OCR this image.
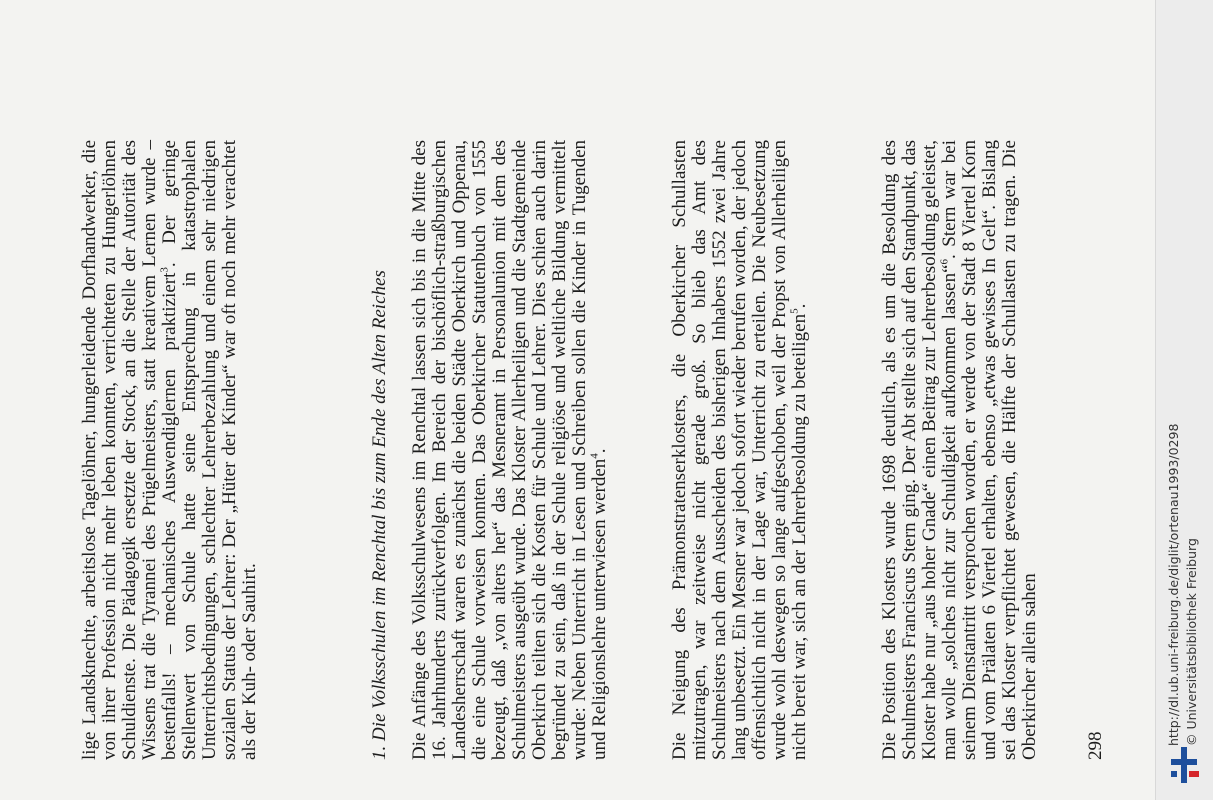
lige Landsknechte, arbeitslose Tagelöhner, hungerleidende Dorfhandwerker, die von ihrer Profession nicht mehr leben konnten, verrichteten zu Hungerlöhnen Schuldienste. Die Pädagogik ersetzte der Stock, an die Stelle der Autorität des Wissens trat die Tyrannei des Prügelmeisters, statt kreativem Lernen wurde – bestenfalls! – mechanisches Auswendiglernen praktiziert$^3$. Der geringe Stellenwert von Schule hatte seine Entsprechung in katastrophalen Unterrichtsbedingungen, schlechter Lehrerbezahlung und einem sehr niedrigen sozialen Status der Lehrer: Der „Hüter der Kinder“ war oft noch mehr verachtet als der Kuh- oder Sauhirt.	1. Die Volksschulen im Renchtal bis zum Ende des Alten Reiches Die Anfänge des Volksschulwesens im Renchtal lassen sich bis in die Mitte des 16. Jahrhunderts zurückverfolgen. Im Bereich der bischöflich-straßburgischen Landesherrschaft waren es zunächst die beiden Städte Oberkirch und Oppenau, die eine Schule vorweisen konnten. Das Oberkircher Statutenbuch von 1555 bezeugt, daß „von alters her“ das Mesneramt in Personalunion mit dem des Schulmeisters ausgeübt wurde. Das Kloster Allerheiligen und die Stadtgemeinde Oberkirch teilten sich die Kosten für Schule und Lehrer. Dies schien auch darin begründet zu sein, daß in der Schule religiöse und weltliche Bildung vermittelt wurde: Neben Unterricht in Lesen und Schreiben sollen die Kinder in Tugenden und Religionslehre unterwiesen werden$^4$.	Die Neigung des Prämonstratenserklosters, die Oberkircher Schullasten mitzutragen, war zeitweise nicht gerade groß. So blieb das Amt des Schulmeisters nach dem Ausscheiden des bisherigen Inhabers 1552 zwei Jahre lang unbesetzt. Ein Mesner war jedoch sofort wieder berufen worden, der jedoch offensichtlich nicht in der Lage war, Unterricht zu erteilen. Die Neubesetzung wurde wohl deswegen so lange aufgeschoben, weil der Propst von Allerheiligen nicht bereit war, sich an der Lehrerbesoldung zu beteiligen$^5$.	Die Position des Klosters wurde 1698 deutlich, als es um die Besoldung des Schulmeisters Franciscus Stern ging. Der Abt stellte sich auf den Standpunkt, das Kloster habe nur „aus hoher Gnade“ einen Beitrag zur Lehrerbesoldung geleistet, man wolle „solches nicht zur Schuldigkeit aufkommen lassen“$^6$. Stern war bei seinem Dienstantritt versprochen worden, er werde von der Stadt 8 Viertel Korn und vom Prälaten 6 Viertel erhalten, ebenso „etwas gewisses In Gelt“. Bislang sei das Kloster verpflichtet gewesen, die Hälfte der Schullasten zu tragen. Die Oberkircher allein sahen 298	http://dl.ub.uni-freiburg.de/diglit/ortenau1993/0298 © Universitätsbibliothek Freiburg
